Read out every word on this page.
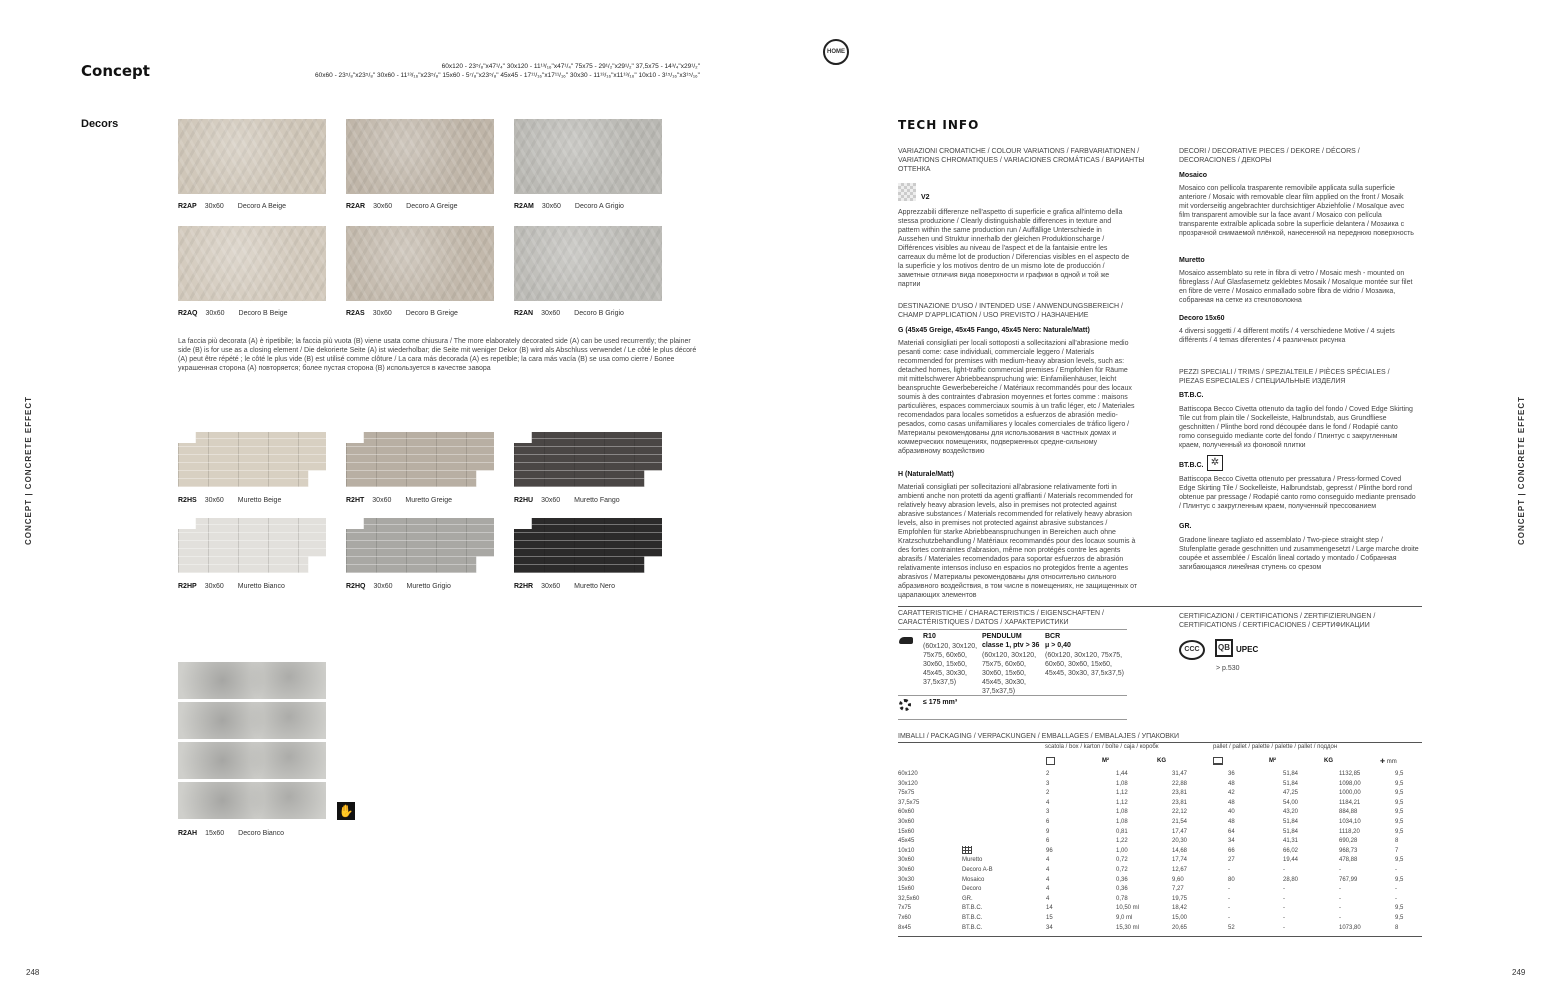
Concept	60x120 - 23⁵/₈"x47¹/₄" 30x120 - 11¹³/₁₆"x47¹/₄" 75x75 - 29¹/₂"x29¹/₂" 37,5x75 - 14³/₄"x29¹/₂"
60x60 - 23⁵/₈"x23⁵/₈" 30x60 - 11¹³/₁₆"x23⁵/₈" 15x60 - 5⁷/₈"x23⁵/₈" 45x45 - 17¹¹/₁₆"x17¹¹/₁₆" 30x30 - 11¹³/₁₆"x11¹³/₁₆" 10x10 - 3¹⁵/₁₆"x3¹⁵/₁₆"
HOME
Decors
CONCEPT | CONCRETE EFFECT
248
R2AP 30x60 Decoro A Beige	R2AR 30x60 Decoro A Greige	R2AM 30x60 Decoro A Grigio
R2AQ 30x60 Decoro B Beige	R2AS 30x60 Decoro B Greige	R2AN 30x60 Decoro B Grigio
La faccia più decorata (A) è ripetibile; la faccia più vuota (B) viene usata come chiusura / The more elaborately decorated side (A) can be used recurrently; the plainer side (B) is for use as a closing element / Die dekorierte Seite (A) ist wiederholbar; die Seite mit weniger Dekor (B) wird als Abschluss verwendet / Le côté le plus décoré (A) peut être répété ; le côté le plus vide (B) est utilisé comme clôture / La cara más decorada (A) es repetible; la cara más vacía (B) se usa como cierre / Более украшенная сторона (A) повторяется; более пустая сторона (B) используется в качестве завора
R2HS 30x60 Muretto Beige	R2HT 30x60 Muretto Greige	R2HU 30x60 Muretto Fango
R2HP 30x60 Muretto Bianco	R2HQ 30x60 Muretto Grigio	R2HR 30x60 Muretto Nero
✋
R2AH 15x60 Decoro Bianco
TECH INFO
CONCEPT | CONCRETE EFFECT
249
VARIAZIONI CROMATICHE / COLOUR VARIATIONS / FARBVARIATIONEN / VARIATIONS CHROMATIQUES / VARIACIONES CROMÁTICAS / ВАРИАНТЫ ОТТЕНКА
V2
Apprezzabili differenze nell'aspetto di superficie e grafica all'interno della stessa produzione / Clearly distinguishable differences in texture and pattern within the same production run / Auffällige Unterschiede in Aussehen und Struktur innerhalb der gleichen Produktionscharge / Différences visibles au niveau de l'aspect et de la fantaisie entre les carreaux du même lot de production / Diferencias visibles en el aspecto de la superficie y los motivos dentro de un mismo lote de producción / заметные отличия вида поверхности и графики в одной и той же партии
DESTINAZIONE D'USO / INTENDED USE / ANWENDUNGSBEREICH / CHAMP D'APPLICATION / USO PREVISTO / НАЗНАЧЕНИЕ
G (45x45 Greige, 45x45 Fango, 45x45 Nero: Naturale/Matt)
Materiali consigliati per locali sottoposti a sollecitazioni all'abrasione medio pesanti come: case individuali, commerciale leggero / Materials recommended for premises with medium-heavy abrasion levels, such as: detached homes, light-traffic commercial premises / Empfohlen für Räume mit mittelschwerer Abriebbeanspruchung wie: Einfamilienhäuser, leicht beanspruchte Gewerbebereiche / Matériaux recommandés pour des locaux soumis à des contraintes d'abrasion moyennes et fortes comme : maisons particulières, espaces commerciaux soumis à un trafic léger, etc / Materiales recomendados para locales sometidos a esfuerzos de abrasión medio-pesados, como casas unifamiliares y locales comerciales de tráfico ligero / Материалы рекомендованы для использования в частных домах и коммерческих помещениях, подверженных средне-сильному абразивному воздействию
H (Naturale/Matt)
Materiali consigliati per sollecitazioni all'abrasione relativamente forti in ambienti anche non protetti da agenti graffianti / Materials recommended for relatively heavy abrasion levels, also in premises not protected against abrasive substances / Materials recommended for relatively heavy abrasion levels, also in premises not protected against abrasive substances / Empfohlen für starke Abriebbeanspruchungen in Bereichen auch ohne Kratzschutzbehandlung / Matériaux recommandés pour des locaux soumis à des fortes contraintes d'abrasion, même non protégés contre les agents abrasifs / Materiales recomendados para soportar esfuerzos de abrasión relativamente intensos incluso en espacios no protegidos frente a agentes abrasivos / Материалы рекомендованы для относительно сильного абразивного воздействия, в том числе в помещениях, не защищенных от царапающих элементов
DECORI / DECORATIVE PIECES / DEKORE / DÉCORS / DECORACIONES / ДЕКОРЫ
Mosaico
Mosaico con pellicola trasparente removibile applicata sulla superficie anteriore / Mosaic with removable clear film applied on the front / Mosaik mit vorderseitig angebrachter durchsichtiger Abziehfolie / Mosaïque avec film transparent amovible sur la face avant / Mosaico con película transparente extraíble aplicada sobre la superficie delantera / Мозаика с прозрачной снимаемой плёнкой, нанесенной на переднюю поверхность
Muretto
Mosaico assemblato su rete in fibra di vetro / Mosaic mesh - mounted on fibreglass / Auf Glasfasernetz geklebtes Mosaik / Mosaïque montée sur filet en fibre de verre / Mosaico enmallado sobre fibra de vidrio / Мозаика, собранная на сетке из стекловолокна
Decoro 15x60
4 diversi soggetti / 4 different motifs / 4 verschiedene Motive / 4 sujets différents / 4 temas diferentes / 4 различных рисунка
PEZZI SPECIALI / TRIMS / SPEZIALTEILE / PIÈCES SPÉCIALES / PIEZAS ESPECIALES / СПЕЦИАЛЬНЫЕ ИЗДЕЛИЯ
BT.B.C.
Battiscopa Becco Civetta ottenuto da taglio del fondo / Coved Edge Skirting Tile cut from plain tile / Sockelleiste, Halbrundstab, aus Grundfliese geschnitten / Plinthe bord rond découpée dans le fond / Rodapié canto romo conseguido mediante corte del fondo / Плинтус с закругленным краем, полученный из фоновой плитки
BT.B.C. ✲
Battiscopa Becco Civetta ottenuto per pressatura / Press-formed Coved Edge Skirting Tile / Sockelleiste, Halbrundstab, gepresst / Plinthe bord rond obtenue par pressage / Rodapié canto romo conseguido mediante prensado / Плинтус с закругленным краем, полученный прессованием
GR.
Gradone lineare tagliato ed assemblato / Two-piece straight step / Stufenplatte gerade geschnitten und zusammengesetzt / Large marche droite coupée et assemblée / Escalón lineal cortado y montado / Собранная загибающаяся линейная ступень со срезом
CARATTERISTICHE / CHARACTERISTICS / EIGENSCHAFTEN / CARACTÉRISTIQUES / DATOS / ХАРАКТЕРИСТИКИ
R10
(60x120, 30x120, 75x75, 60x60, 30x60, 15x60, 45x45, 30x30, 37,5x37,5)
PENDULUM
classe 1, ptv > 36
(60x120, 30x120, 75x75, 60x60, 30x60, 15x60, 45x45, 30x30, 37,5x37,5)
BCR
μ > 0,40
(60x120, 30x120, 75x75, 60x60, 30x60, 15x60, 45x45, 30x30, 37,5x37,5)
≤ 175 mm³
CERTIFICAZIONI / CERTIFICATIONS / ZERTIFIZIERUNGEN / CERTIFICATIONS / CERTIFICACIONES / СЕРТИФИКАЦИИ
CCC	QB UPEC
> p.530
IMBALLI / PACKAGING / VERPACKUNGEN / EMBALLAGES / EMBALAJES / УПАКОВКИ
scatola / box / karton / boîte / caja / коробк	pallet / pallet / palette / palette / pallet / поддон
M²	KG	M²	KG	✚ mm
60x120		2	1,44	31,47	36	51,84	1132,85	9,5
30x120		3	1,08	22,88	48	51,84	1098,00	9,5
75x75		2	1,12	23,81	42	47,25	1000,00	9,5
37,5x75		4	1,12	23,81	48	54,00	1184,21	9,5
60x60		3	1,08	22,12	40	43,20	884,88	9,5
30x60		6	1,08	21,54	48	51,84	1034,10	9,5
15x60		9	0,81	17,47	64	51,84	1118,20	9,5
45x45		6	1,22	20,30	34	41,31	690,28	8
10x10		96	1,00	14,68	66	66,02	968,73	7
30x60	Muretto	4	0,72	17,74	27	19,44	478,88	9,5
30x60	Decoro A-B	4	0,72	12,67	-	-	-	-
30x30	Mosaico	4	0,36	9,60	80	28,80	767,99	9,5
15x60	Decoro	4	0,36	7,27	-	-	-	-
32,5x60	GR.	4	0,78	19,75	-	-	-	-
7x75	BT.B.C.	14	10,50 ml	18,42	-	-	-	9,5
7x60	BT.B.C.	15	9,0 ml	15,00	-	-	-	9,5
8x45	BT.B.C.	34	15,30 ml	20,65	52	-	1073,80	8
